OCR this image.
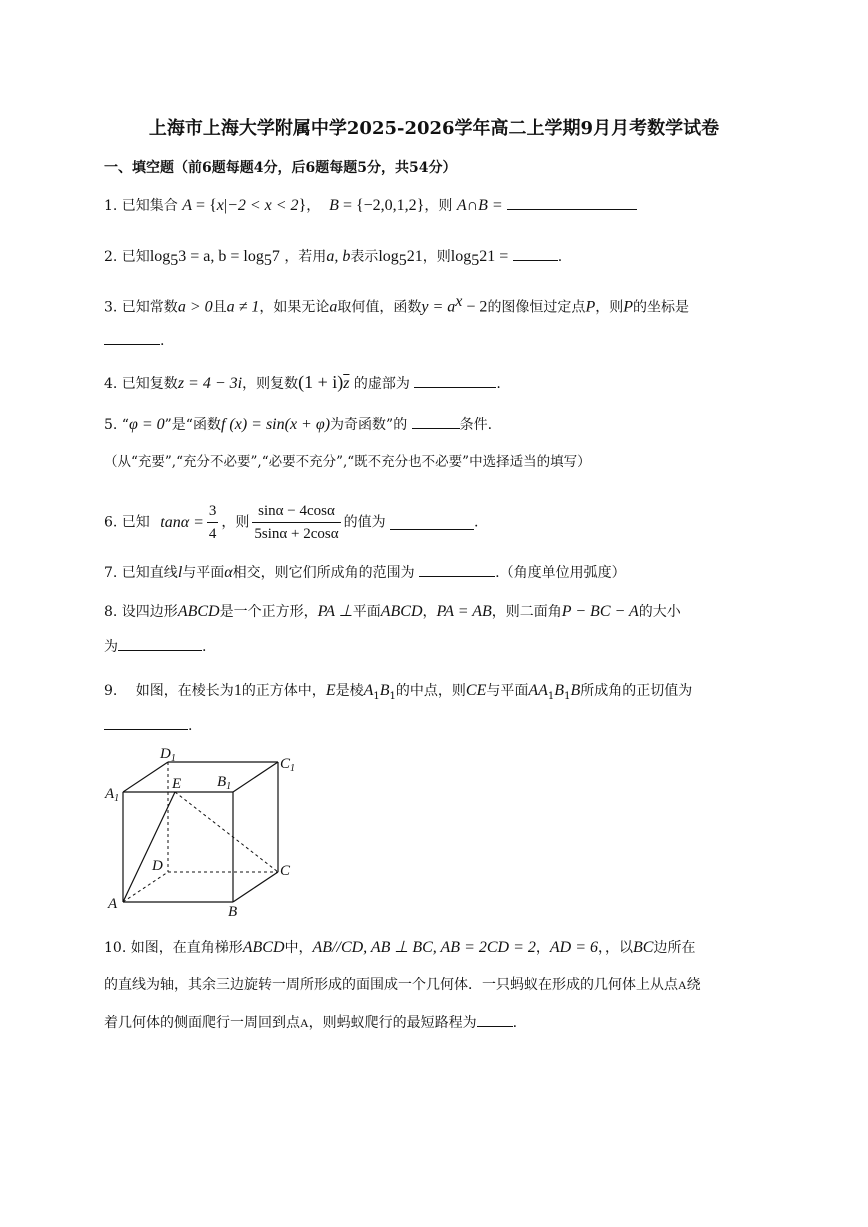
上海市上海大学附属中学2025-2026学年高二上学期9月月考数学试卷
一、填空题（前6题每题4分，后6题每题5分，共54分）
1. 已知集合 A = {x|−2 < x < 2}， B = {−2,0,1,2}，则 A∩B =
2. 已知$\log_53 = a$, $b = \log_57$ ，若用a, b表示$\log_521$，则$\log_521$ =	.
3. 已知常数a > 0且a ≠ 1，如果无论a取何值，函数$y = a^x - 2$的图像恒过定点P，则P的坐标是
.
4. 已知复数z = 4 − 3i，则复数$(1 + i)\overline{z}$ 的虚部为	.
5. “φ = 0”是“函数f (x) = sin(x + φ)为奇函数”的	条件.
（从“充要”,“充分不必要”,“必要不充分”,“既不充分也不必要”中选择适当的填写）
6. 已知 $\tan\alpha = \frac{3}{4}$ ，则 $\frac{\sin\alpha - 4\cos\alpha}{5\sin\alpha + 2\cos\alpha}$ 的值为	.
7. 已知直线l与平面α相交，则它们所成角的范围为	.（角度单位用弧度）
8. 设四边形ABCD是一个正方形，PA ⊥平面ABCD，PA = AB，则二面角P − BC − A的大小
为	.
9.　 如图，在棱长为1的正方体中，E是棱$A_1B_1$的中点，则CE与平面$AA_1B_1B$所成角的正切值为
.
$D_1$	$C_1$
$A_1$
$B_1$
E
D	C
A	B
10. 如图，在直角梯形ABCD中，AB//CD, AB ⊥ BC, AB = 2CD = 2，AD = 6，，以BC边所在
的直线为轴，其余三边旋转一周所形成的面围成一个几何体．一只蚂蚁在形成的几何体上从点A绕
着几何体的侧面爬行一周回到点A，则蚂蚁爬行的最短路程为	.
